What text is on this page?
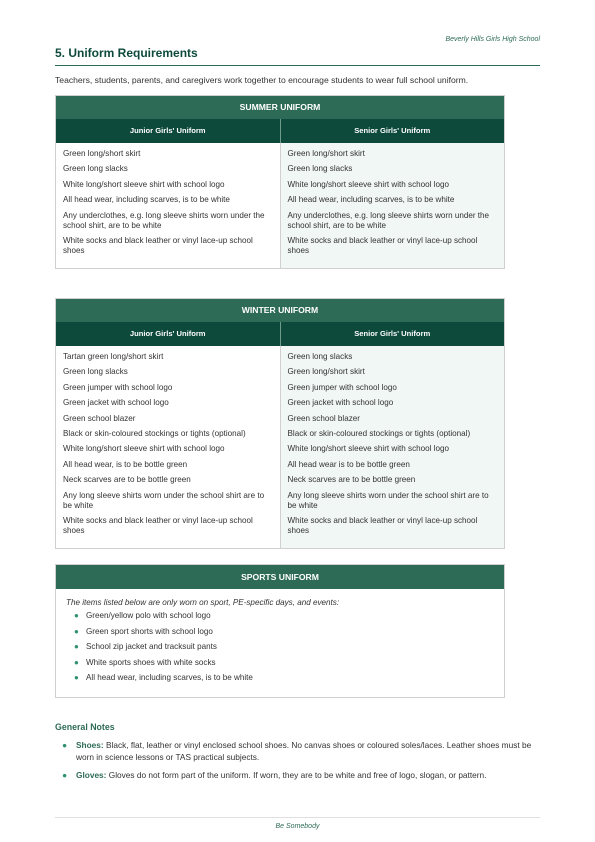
Beverly Hills Girls High School
5. Uniform Requirements
Teachers, students, parents, and caregivers work together to encourage students to wear full school uniform.
SUMMER UNIFORM
Junior Girls' Uniform	Senior Girls' Uniform
Green long/short skirt
Green long slacks
White long/short sleeve shirt with school logo
All head wear, including scarves, is to be white
Any underclothes, e.g. long sleeve shirts worn under the school shirt, are to be white
White socks and black leather or vinyl lace-up school shoes
Green long/short skirt
Green long slacks
White long/short sleeve shirt with school logo
All head wear, including scarves, is to be white
Any underclothes, e.g. long sleeve shirts worn under the school shirt, are to be white
White socks and black leather or vinyl lace-up school shoes
WINTER UNIFORM
Junior Girls' Uniform	Senior Girls' Uniform
Tartan green long/short skirt
Green long slacks
Green jumper with school logo
Green jacket with school logo
Green school blazer
Black or skin-coloured stockings or tights (optional)
White long/short sleeve shirt with school logo
All head wear, is to be bottle green
Neck scarves are to be bottle green
Any long sleeve shirts worn under the school shirt are to be white
White socks and black leather or vinyl lace-up school shoes
Green long slacks
Green long/short skirt
Green jumper with school logo
Green jacket with school logo
Green school blazer
Black or skin-coloured stockings or tights (optional)
White long/short sleeve shirt with school logo
All head wear is to be bottle green
Neck scarves are to be bottle green
Any long sleeve shirts worn under the school shirt are to be white
White socks and black leather or vinyl lace-up school shoes
SPORTS UNIFORM
The items listed below are only worn on sport, PE-specific days, and events:
● Green/yellow polo with school logo
● Green sport shorts with school logo
● School zip jacket and tracksuit pants
● White sports shoes with white socks
● All head wear, including scarves, is to be white
General Notes
● Shoes: Black, flat, leather or vinyl enclosed school shoes. No canvas shoes or coloured soles/laces. Leather shoes must be worn in science lessons or TAS practical subjects.
● Gloves: Gloves do not form part of the uniform. If worn, they are to be white and free of logo, slogan, or pattern.
Be Somebody
